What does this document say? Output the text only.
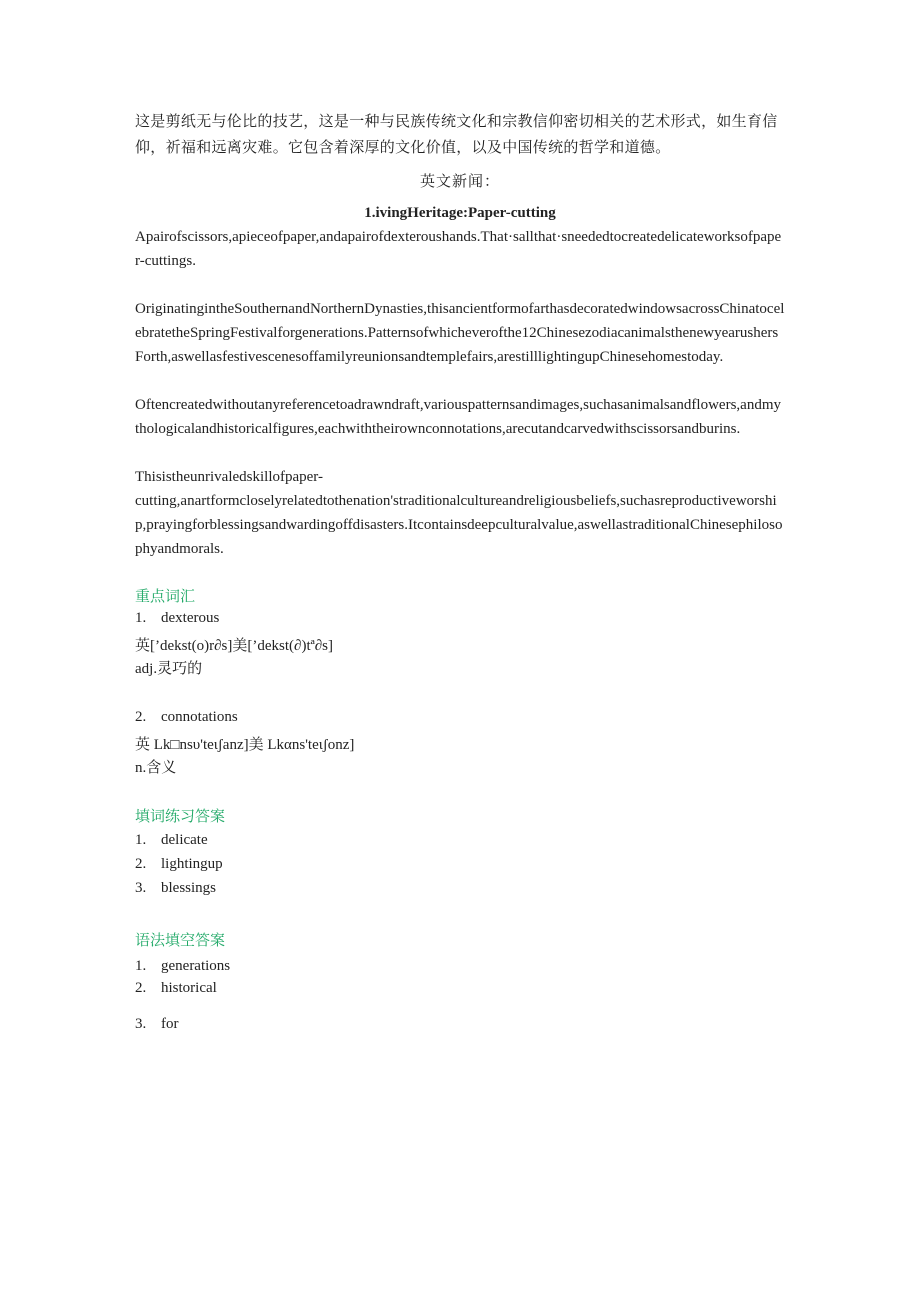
这是剪纸无与伦比的技艺，这是一种与民族传统文化和宗教信仰密切相关的艺术形式，如生育信仰，祈福和远离灾难。它包含着深厚的文化价值，以及中国传统的哲学和道德。

英文新闻：
1.ivingHeritage:Paper-cutting

Apairofscissors,apieceofpaper,andapairofdexteroushands.That·sallthat·sneededtocreatedelicateworksofpaper-cuttings.

OriginatingintheSouthernandNorthernDynasties,thisancientformofarthasdecoratedwindowsacrossChinatocelebratetheSpringFestivalforgenerations.Patternsofwhicheverofthe12ChinesezodiacanimalsthenewyearushersForth,aswellasfestivescenesoffamilyreunionsandtemplefairs,arestilllightingupChinesehomestoday.

Oftencreatedwithoutanyreferencetoadrawndraft,variouspatternsandimages,suchasanimalsandflowers,andmythologicalandhistoricalfigures,eachwiththeirownconnotations,arecutandcarvedwithscissorsandburins.

Thisistheunrivaledskillofpaper-
cutting,anartformcloselyrelatedtothenation'straditionalcultureandreligiousbeliefs,suchasreproductiveworship,prayingforblessingsandwardingoffdisasters.Itcontainsdeepculturalvalue,aswellastraditionalChinesephilosophyandmorals.

重点词汇

1. dexterous

英[’dekst(o)r∂s]美[’dekst(∂)tª∂s]

adj.灵巧的

2. connotations

英 Lk□nsυ'teɩʃanz]美 Lkαns'teɩʃonz]

n.含义

填词练习答案

1. delicate

2. lightingup

3. blessings

语法填空答案

1. generations

2. historical

3. for
